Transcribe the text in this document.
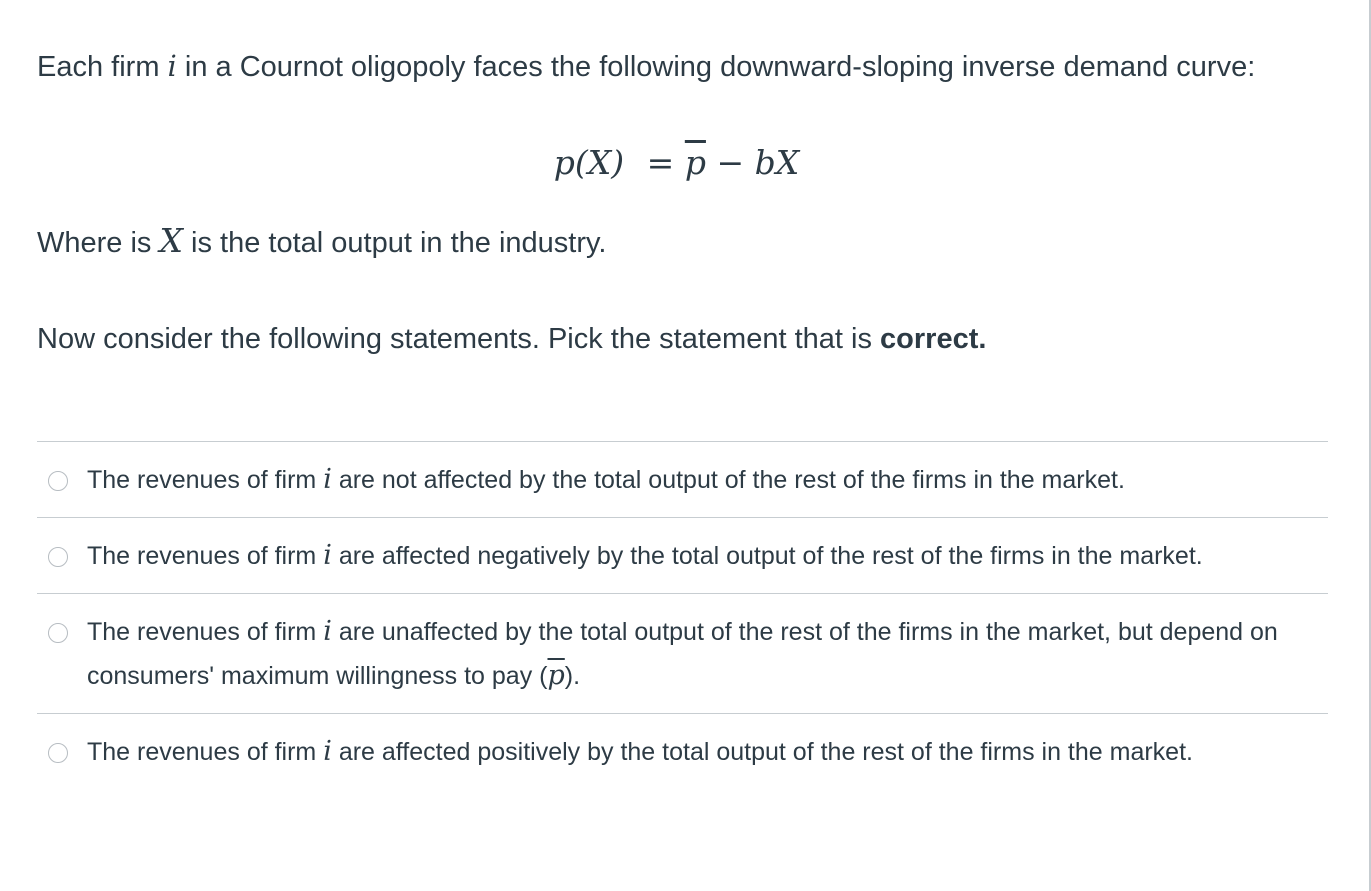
Each firm i in a Cournot oligopoly faces the following downward-sloping inverse demand curve:

$p(X) = \overline{p}$ − bX

Where is X is the total output in the industry.

Now consider the following statements. Pick the statement that is correct.

The revenues of firm i are not affected by the total output of the rest of the firms in the market.
The revenues of firm i are affected negatively by the total output of the rest of the firms in the market.
The revenues of firm i are unaffected by the total output of the rest of the firms in the market, but depend on consumers' maximum willingness to pay $(\overline{p})$.
The revenues of firm i are affected positively by the total output of the rest of the firms in the market.
